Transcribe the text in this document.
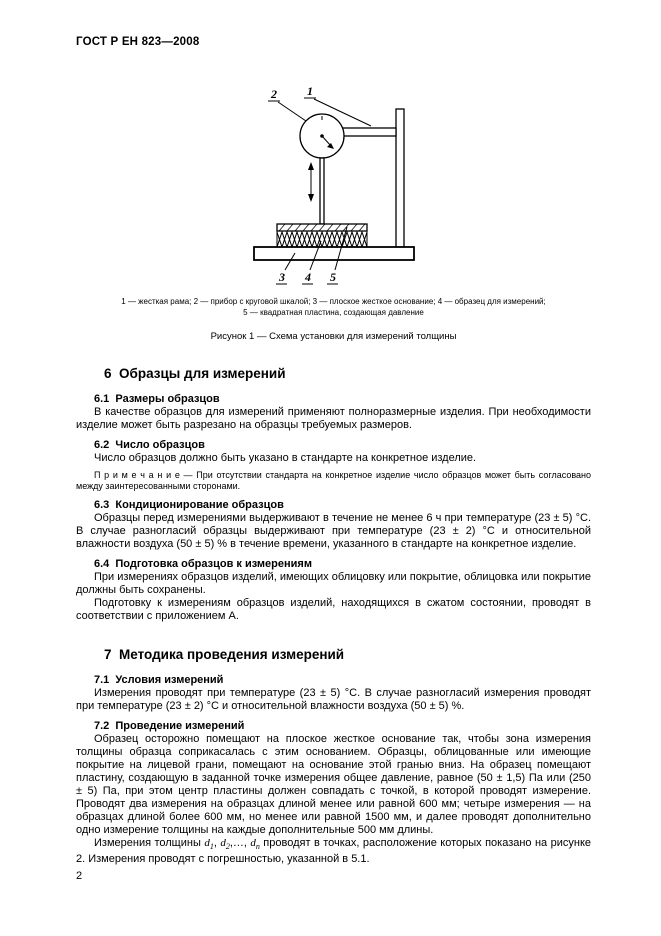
ГОСТ Р ЕН 823—2008
2	1
3 4 5
1 — жесткая рама; 2 — прибор с круговой шкалой; 3 — плоское жесткое основание; 4 — образец для измерений;
5 — квадратная пластина, создающая давление
Рисунок 1 — Схема установки для измерений толщины
6  Образцы для измерений
6.1  Размеры образцов

В качестве образцов для измерений применяют полноразмерные изделия. При необходимости изделие может быть разрезано на образцы требуемых размеров.

6.2  Число образцов

Число образцов должно быть указано в стандарте на конкретное изделие.

П р и м е ч а н и е — При отсутствии стандарта на конкретное изделие число образцов может быть согласовано между заинтересованными сторонами.

6.3  Кондиционирование образцов

Образцы перед измерениями выдерживают в течение не менее 6 ч при температуре (23 ± 5) °С. В случае разногласий образцы выдерживают при температуре (23 ± 2) °С и относительной влажности воздуха (50 ± 5) % в течение времени, указанного в стандарте на конкретное изделие.

6.4  Подготовка образцов к измерениям

При измерениях образцов изделий, имеющих облицовку или покрытие, облицовка или покрытие должны быть сохранены.

Подготовку к измерениям образцов изделий, находящихся в сжатом состоянии, проводят в соответствии с приложением А.

7  Методика проведения измерений
7.1  Условия измерений

Измерения проводят при температуре (23 ± 5) °С. В случае разногласий измерения проводят при температуре (23 ± 2) °С и относительной влажности воздуха (50 ± 5) %.

7.2  Проведение измерений

Образец осторожно помещают на плоское жесткое основание так, чтобы зона измерения толщины образца соприкасалась с этим основанием. Образцы, облицованные или имеющие покрытие на лицевой грани, помещают на основание этой гранью вниз. На образец помещают пластину, создающую в заданной точке измерения общее давление, равное (50 ± 1,5) Па или (250 ± 5) Па, при этом центр пластины должен совпадать с точкой, в которой проводят измерение. Проводят два измерения на образцах длиной менее или равной 600 мм; четыре измерения — на образцах длиной более 600 мм, но менее или равной 1500 мм, и далее проводят дополнительно одно измерение толщины на каждые дополнительные 500 мм длины.

Измерения толщины $d_1$, $d_2,\dots$, $d_n$ проводят в точках, расположение которых показано на рисунке 2. Измерения проводят с погрешностью, указанной в 5.1.

2
